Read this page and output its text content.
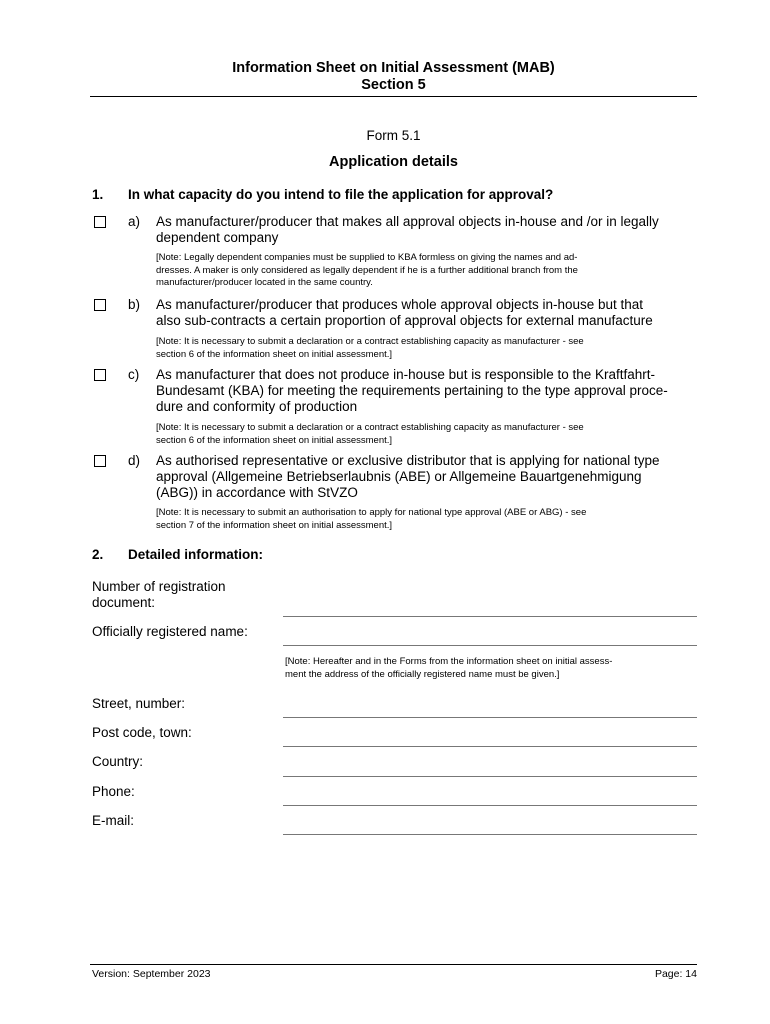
Information Sheet on Initial Assessment (MAB)
Section 5
Form 5.1
Application details
1. In what capacity do you intend to file the application for approval?
a) As manufacturer/producer that makes all approval objects in-house and /or in legally
dependent company
[Note: Legally dependent companies must be supplied to KBA formless on giving the names and ad-
dresses. A maker is only considered as legally dependent if he is a further additional branch from the
manufacturer/producer located in the same country.
b) As manufacturer/producer that produces whole approval objects in-house but that
also sub-contracts a certain proportion of approval objects for external manufacture
[Note: It is necessary to submit a declaration or a contract establishing capacity as manufacturer - see
section 6 of the information sheet on initial assessment.]
c) As manufacturer that does not produce in-house but is responsible to the Kraftfahrt-
Bundesamt (KBA) for meeting the requirements pertaining to the type approval proce-
dure and conformity of production
[Note: It is necessary to submit a declaration or a contract establishing capacity as manufacturer - see
section 6 of the information sheet on initial assessment.]
d) As authorised representative or exclusive distributor that is applying for national type
approval (Allgemeine Betriebserlaubnis (ABE) or Allgemeine Bauartgenehmigung
(ABG)) in accordance with StVZO
[Note: It is necessary to submit an authorisation to apply for national type approval (ABE or ABG) - see
section 7 of the information sheet on initial assessment.]
2. Detailed information:
Number of registration
document:
Officially registered name:
[Note: Hereafter and in the Forms from the information sheet on initial assess-
ment the address of the officially registered name must be given.]
Street, number:
Post code, town:
Country:
Phone:
E-mail:
Version: September 2023	Page: 14
